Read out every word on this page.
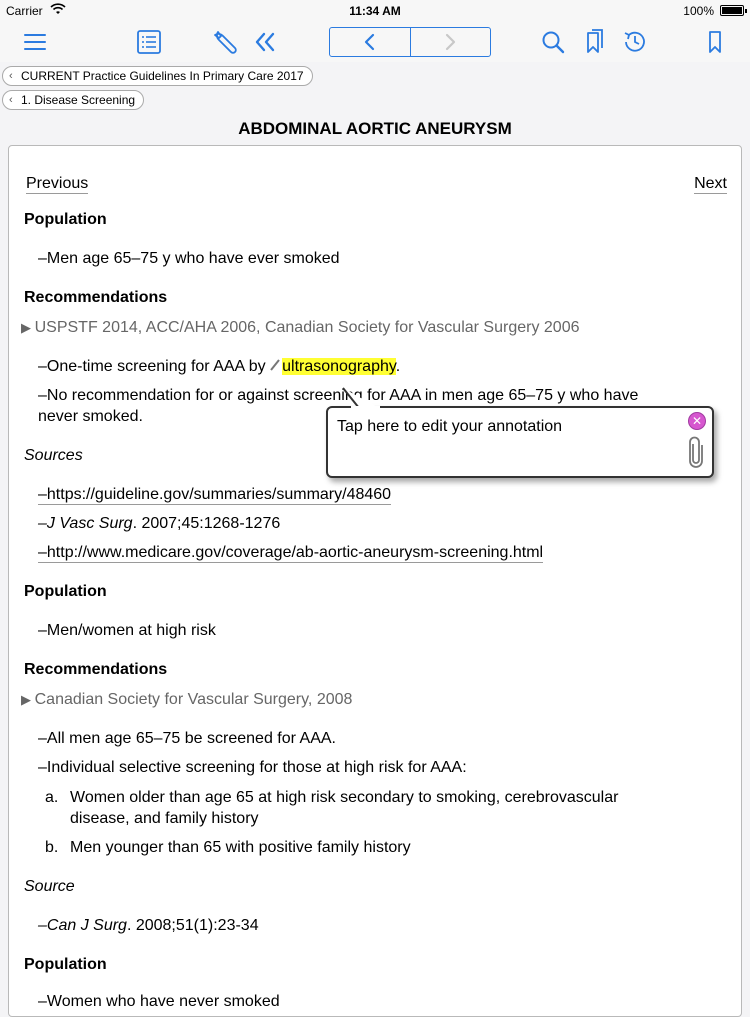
Carrier	11:34 AM	100%
‹ CURRENT Practice Guidelines In Primary Care 2017
‹ 1. Disease Screening
ABDOMINAL AORTIC ANEURYSM
Previous	Next
Population
–Men age 65–75 y who have ever smoked
Recommendations
▶ USPSTF 2014, ACC/AHA 2006, Canadian Society for Vascular Surgery 2006
–One-time screening for AAA by ultrasonography.
–No recommendation for or against screening for AAA in men age 65–75 y who have
never smoked.
Sources
–https://guideline.gov/summaries/summary/48460
–J Vasc Surg. 2007;45:1268-1276
–http://www.medicare.gov/coverage/ab-aortic-aneurysm-screening.html
Population
–Men/women at high risk
Recommendations
▶ Canadian Society for Vascular Surgery, 2008
–All men age 65–75 be screened for AAA.
–Individual selective screening for those at high risk for AAA:
a. Women older than age 65 at high risk secondary to smoking, cerebrovascular
disease, and family history
b. Men younger than 65 with positive family history
Source
–Can J Surg. 2008;51(1):23-34
Population
–Women who have never smoked
Tap here to edit your annotation	✕
